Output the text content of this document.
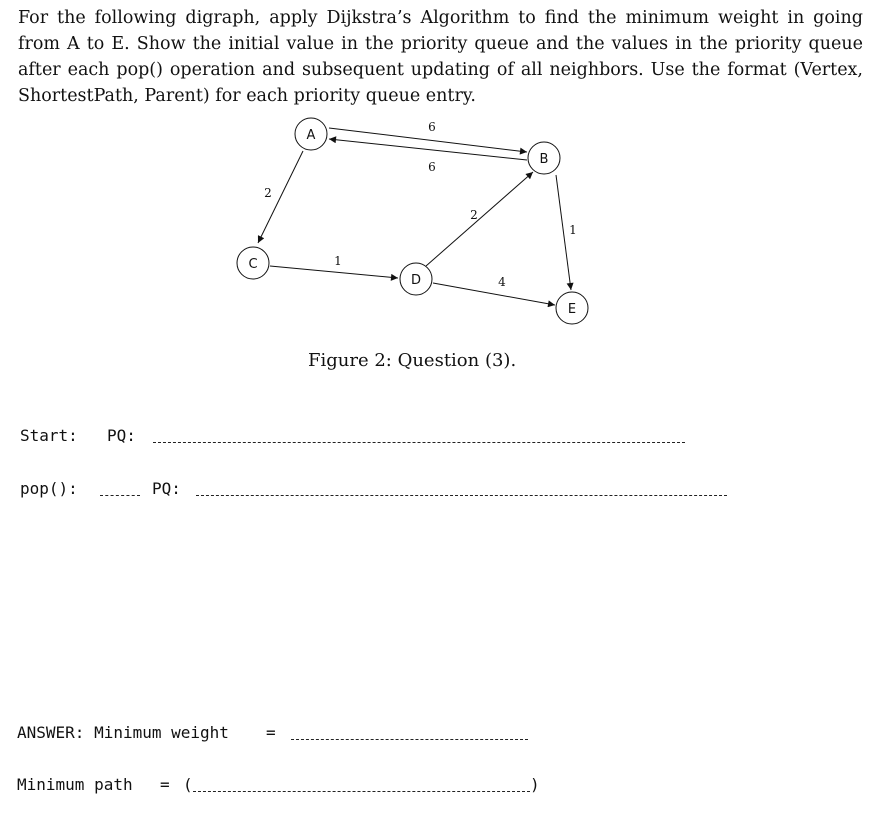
For the following digraph, apply Dijkstra’s Algorithm to find the minimum weight in going from A to E. Show the initial value in the priority queue and the values in the priority queue after each pop() operation and subsequent updating of all neighbors. Use the format (Vertex, ShortestPath, Parent) for each priority queue entry.

6
6
2
1
2
4
1
A
B
C
D
E
Figure 2: Question (3).
Start: PQ:
pop():	PQ:
ANSWER: Minimum weight =
Minimum path = (	)
